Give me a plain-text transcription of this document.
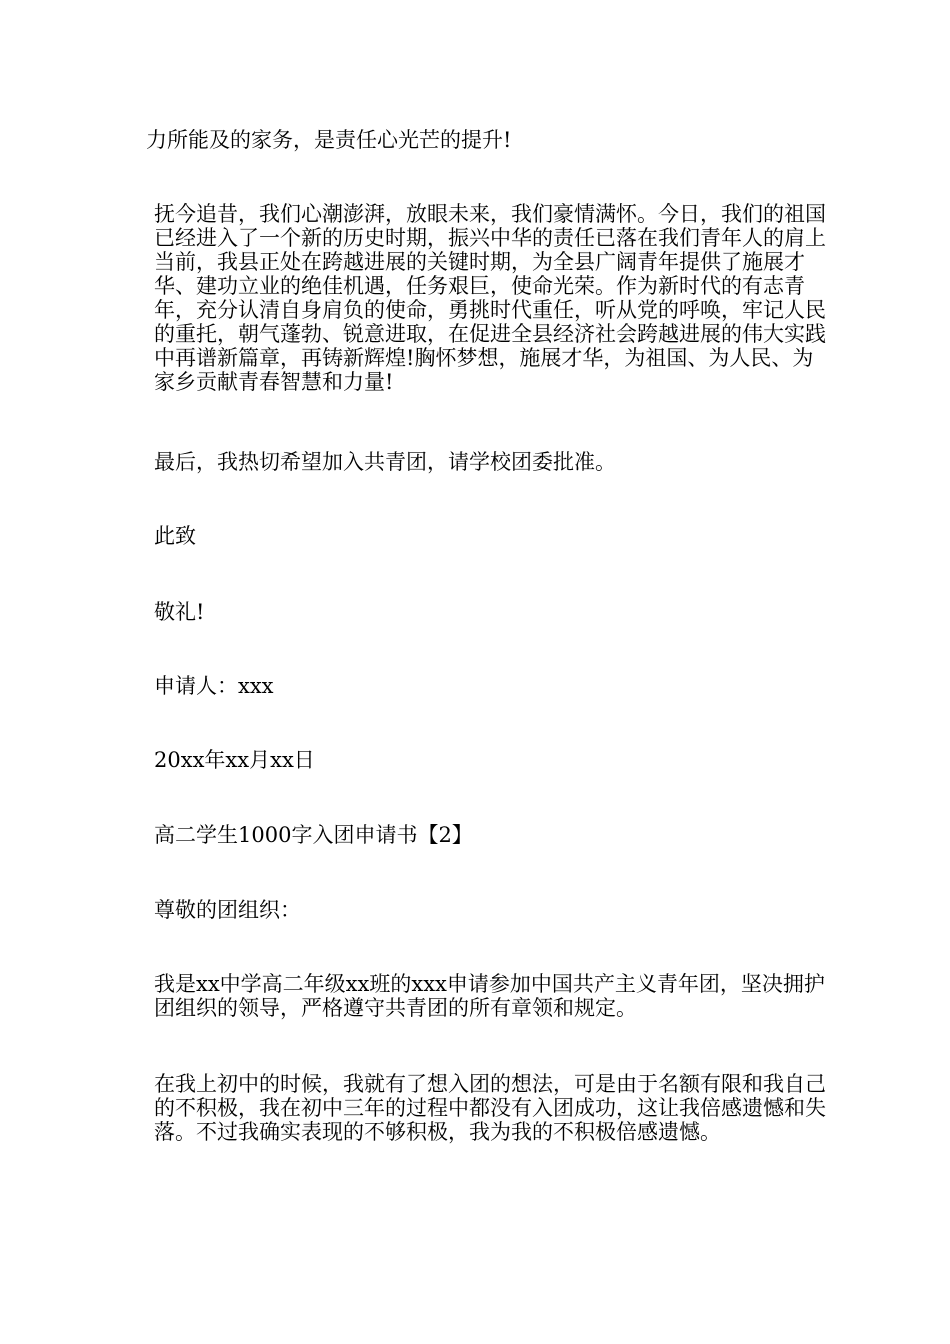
力所能及的家务，是责任心光芒的提升!

抚今追昔，我们心潮澎湃，放眼未来，我们豪情满怀。今日，我们的祖国已经进入了一个新的历史时期，振兴中华的责任已落在我们青年人的肩上当前，我县正处在跨越进展的关键时期，为全县广阔青年提供了施展才华、建功立业的绝佳机遇，任务艰巨，使命光荣。作为新时代的有志青年，充分认清自身肩负的使命，勇挑时代重任，听从党的呼唤，牢记人民的重托，朝气蓬勃、锐意进取，在促进全县经济社会跨越进展的伟大实践中再谱新篇章，再铸新辉煌!胸怀梦想，施展才华，为祖国、为人民、为家乡贡献青春智慧和力量!

最后，我热切希望加入共青团，请学校团委批准。

此致

敬礼!

申请人：xxx

20xx年xx月xx日

高二学生1000字入团申请书【2】

尊敬的团组织：

我是xx中学高二年级xx班的xxx申请参加中国共产主义青年团，坚决拥护团组织的领导，严格遵守共青团的所有章领和规定。

在我上初中的时候，我就有了想入团的想法，可是由于名额有限和我自己的不积极，我在初中三年的过程中都没有入团成功，这让我倍感遗憾和失落。不过我确实表现的不够积极，我为我的不积极倍感遗憾。
